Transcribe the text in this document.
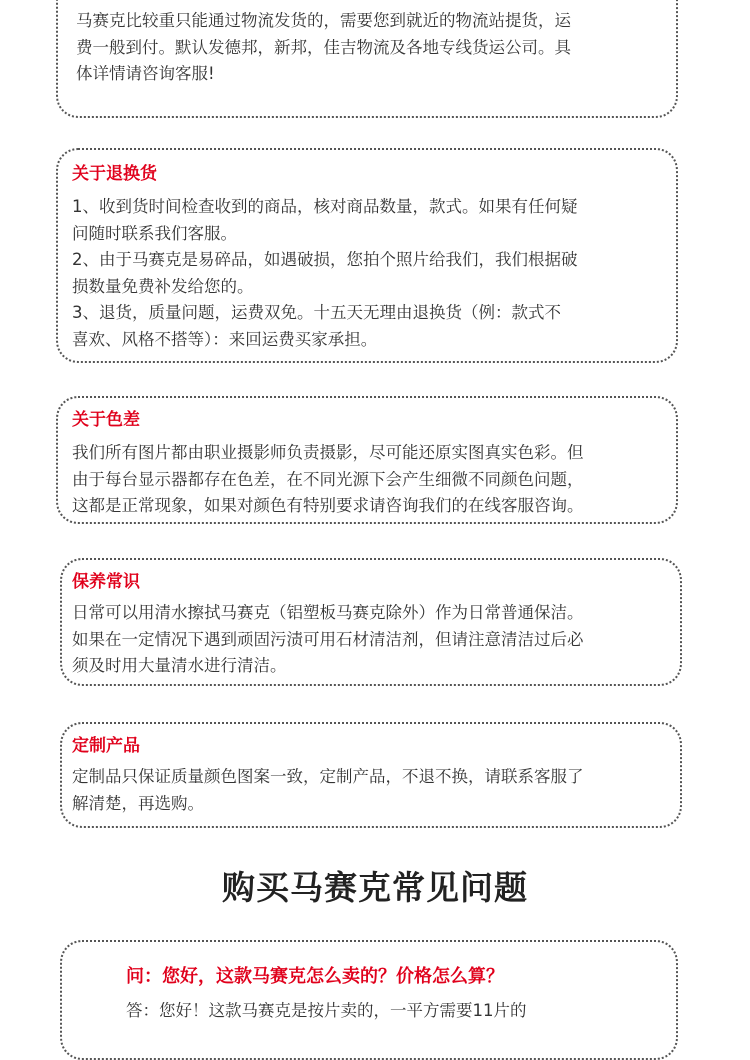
马赛克比较重只能通过物流发货的，需要您到就近的物流站提货，运

费一般到付。默认发德邦，新邦，佳吉物流及各地专线货运公司。具

体详情请咨询客服!

关于退换货

1、收到货时间检查收到的商品，核对商品数量，款式。如果有任何疑

问随时联系我们客服。

2、由于马赛克是易碎品，如遇破损，您拍个照片给我们，我们根据破

损数量免费补发给您的。

3、退货，质量问题，运费双免。十五天无理由退换货（例：款式不

喜欢、风格不搭等）：来回运费买家承担。

关于色差

我们所有图片都由职业摄影师负责摄影，尽可能还原实图真实色彩。但

由于每台显示器都存在色差，在不同光源下会产生细微不同颜色问题，

这都是正常现象，如果对颜色有特别要求请咨询我们的在线客服咨询。

保养常识

日常可以用清水擦拭马赛克（铝塑板马赛克除外）作为日常普通保洁。

如果在一定情况下遇到顽固污渍可用石材清洁剂，但请注意清洁过后必

须及时用大量清水进行清洁。

定制产品

定制品只保证质量颜色图案一致，定制产品，不退不换，请联系客服了

解清楚，再选购。

购买马赛克常见问题

问：您好，这款马赛克怎么卖的？价格怎么算？

答：您好！这款马赛克是按片卖的，一平方需要11片的
